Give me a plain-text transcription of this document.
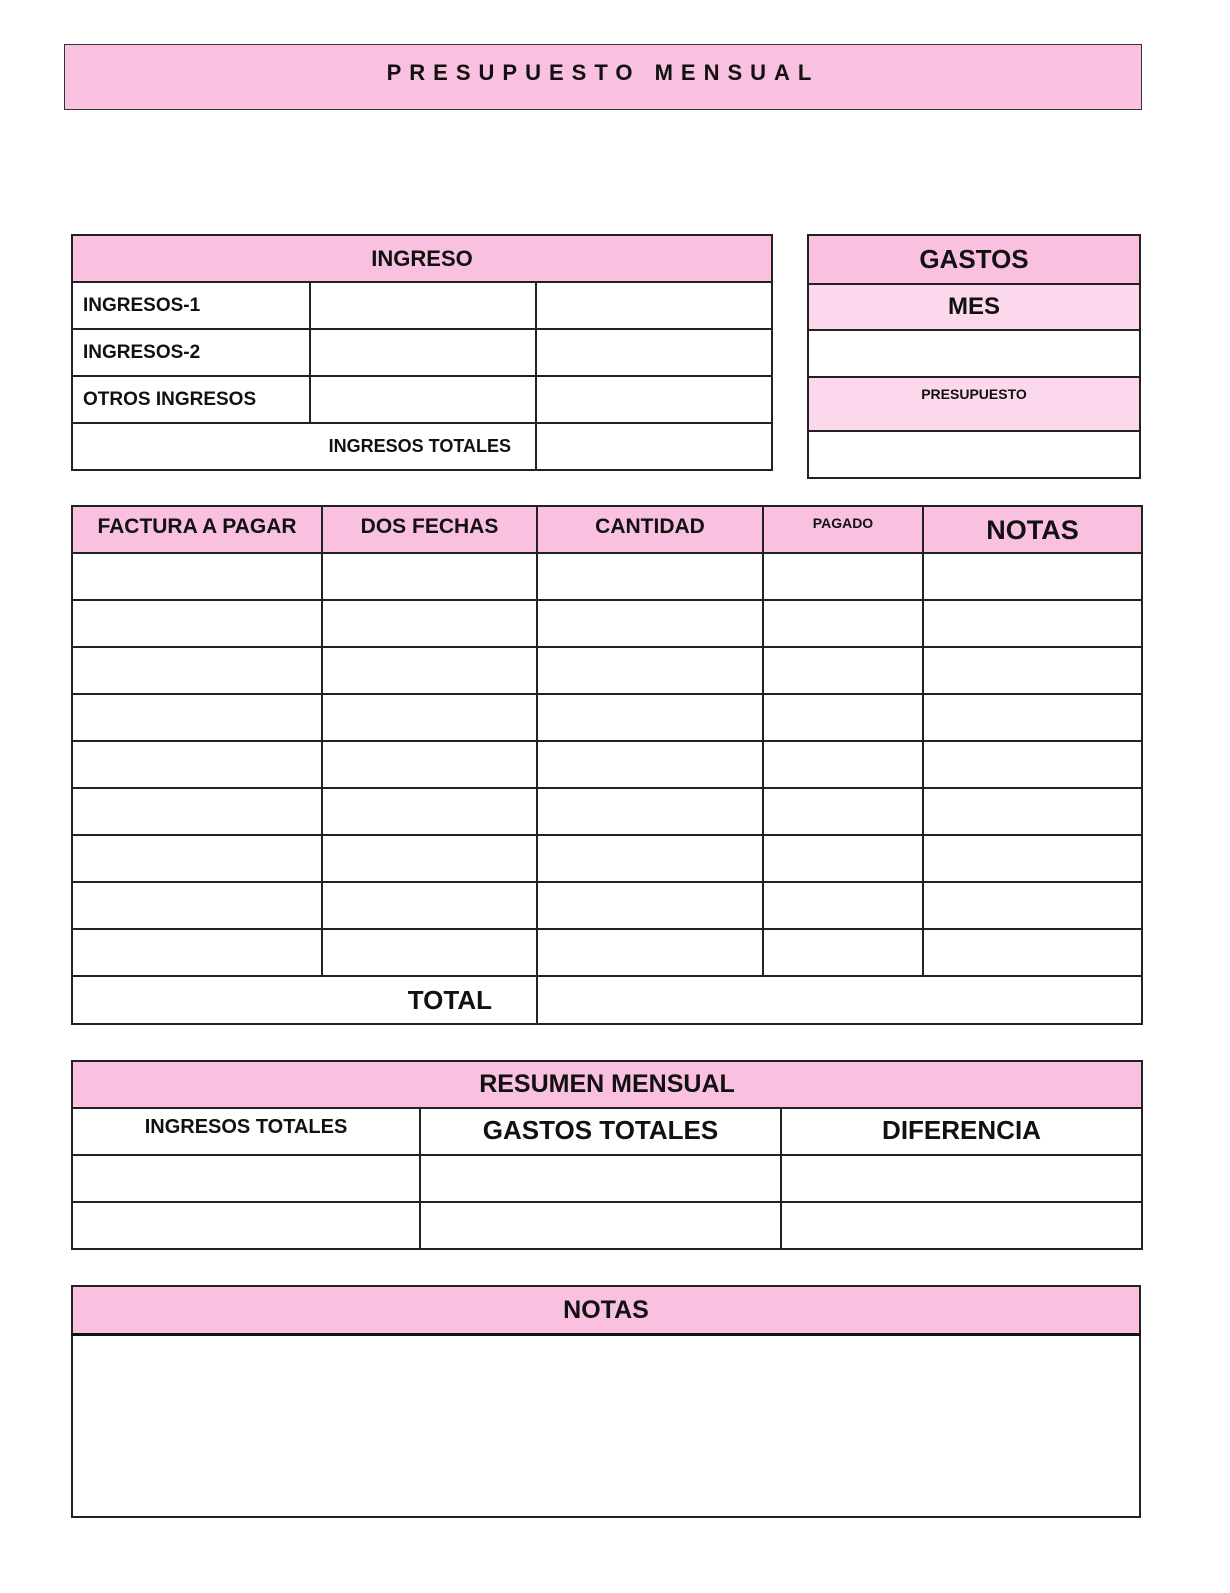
PRESUPUESTO MENSUAL
INGRESO		
INGRESOS-1		
INGRESOS-2		
OTROS INGRESOS		
INGRESOS TOTALES		
GASTOS
MES

PRESUPUESTO

FACTURA A PAGAR	DOS FECHAS	CANTIDAD	PAGADO	NOTAS

TOTAL				
RESUMEN MENSUAL		
INGRESOS TOTALES	GASTOS TOTALES	DIFERENCIA

NOTAS
